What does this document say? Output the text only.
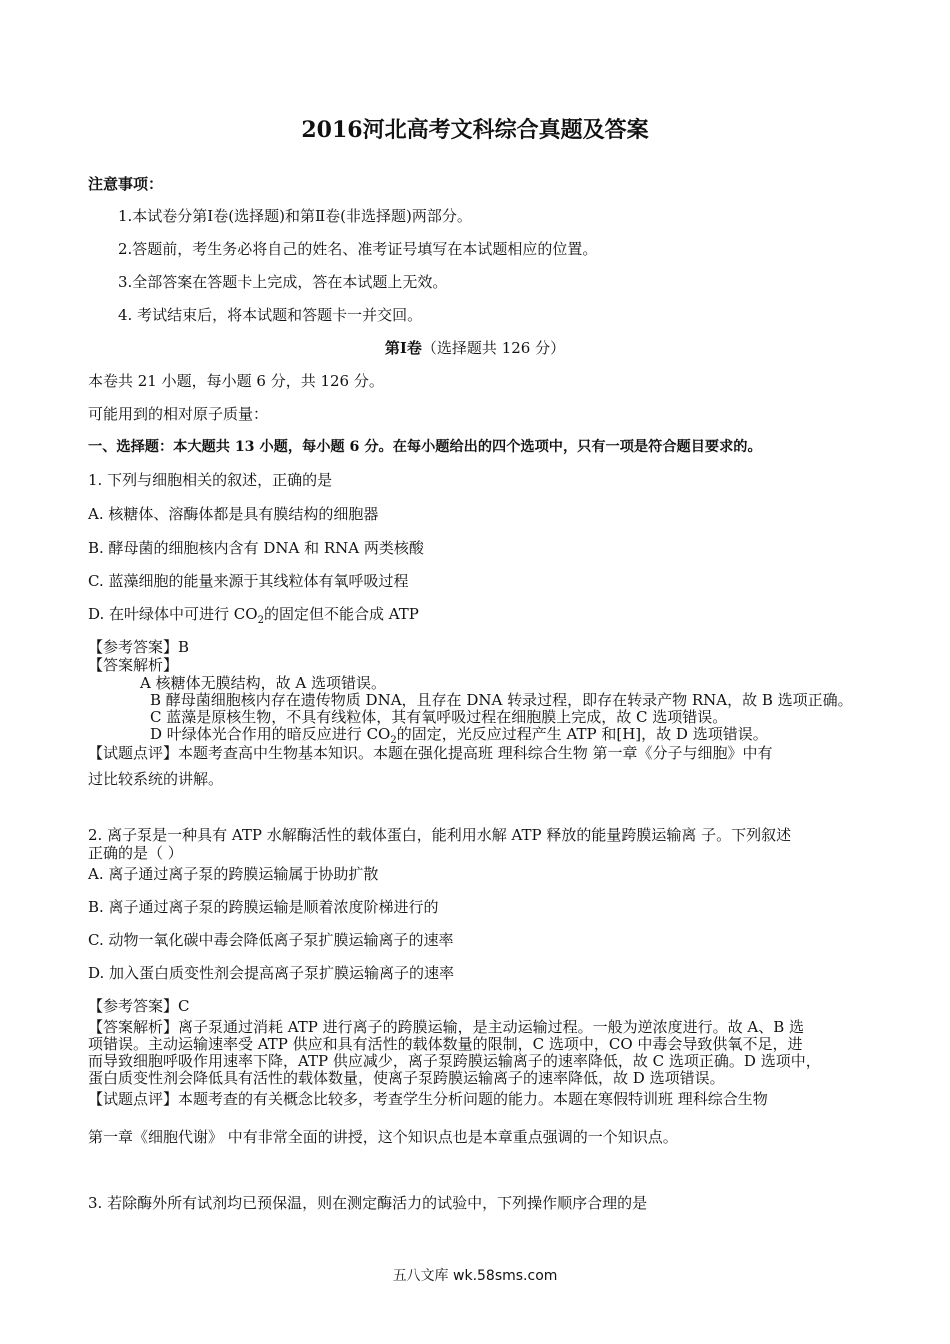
2016河北高考文科综合真题及答案
注意事项：
1.本试卷分第Ⅰ卷(选择题)和第Ⅱ卷(非选择题)两部分。
2.答题前，考生务必将自己的姓名、准考证号填写在本试题相应的位置。
3.全部答案在答题卡上完成，答在本试题上无效。
4. 考试结束后，将本试题和答题卡一并交回。
第Ⅰ卷（选择题共 126 分）
本卷共 21 小题，每小题 6 分，共 126 分。
可能用到的相对原子质量：
一、选择题：本大题共 13 小题，每小题 6 分。在每小题给出的四个选项中，只有一项是符合题目要求的。
1. 下列与细胞相关的叙述，正确的是
A. 核糖体、溶酶体都是具有膜结构的细胞器
B. 酵母菌的细胞核内含有 DNA 和 RNA 两类核酸
C. 蓝藻细胞的能量来源于其线粒体有氧呼吸过程
D. 在叶绿体中可进行 $CO_2$的固定但不能合成 ATP
【参考答案】B
【答案解析】
A 核糖体无膜结构，故 A 选项错误。
B 酵母菌细胞核内存在遗传物质 DNA，且存在 DNA 转录过程，即存在转录产物 RNA，故 B 选项正确。
C 蓝藻是原核生物，不具有线粒体，其有氧呼吸过程在细胞膜上完成，故 C 选项错误。
D 叶绿体光合作用的暗反应进行 $CO_2$的固定，光反应过程产生 ATP 和[H]，故 D 选项错误。
【试题点评】本题考查高中生物基本知识。本题在强化提高班 理科综合生物 第一章《分子与细胞》中有
过比较系统的讲解。
2. 离子泵是一种具有 ATP 水解酶活性的载体蛋白，能利用水解 ATP 释放的能量跨膜运输离 子。下列叙述
正确的是（ ）
A. 离子通过离子泵的跨膜运输属于协助扩散
B. 离子通过离子泵的跨膜运输是顺着浓度阶梯进行的
C. 动物一氧化碳中毒会降低离子泵扩膜运输离子的速率
D. 加入蛋白质变性剂会提高离子泵扩膜运输离子的速率
【参考答案】C
【答案解析】离子泵通过消耗 ATP 进行离子的跨膜运输，是主动运输过程。一般为逆浓度进行。故 A、B 选
项错误。主动运输速率受 ATP 供应和具有活性的载体数量的限制，C 选项中，CO 中毒会导致供氧不足，进
而导致细胞呼吸作用速率下降，ATP 供应减少，离子泵跨膜运输离子的速率降低，故 C 选项正确。D 选项中，
蛋白质变性剂会降低具有活性的载体数量，使离子泵跨膜运输离子的速率降低，故 D 选项错误。
【试题点评】本题考查的有关概念比较多，考查学生分析问题的能力。本题在寒假特训班 理科综合生物
第一章《细胞代谢》 中有非常全面的讲授，这个知识点也是本章重点强调的一个知识点。
3. 若除酶外所有试剂均已预保温，则在测定酶活力的试验中，下列操作顺序合理的是
五八文库 wk.58sms.com
